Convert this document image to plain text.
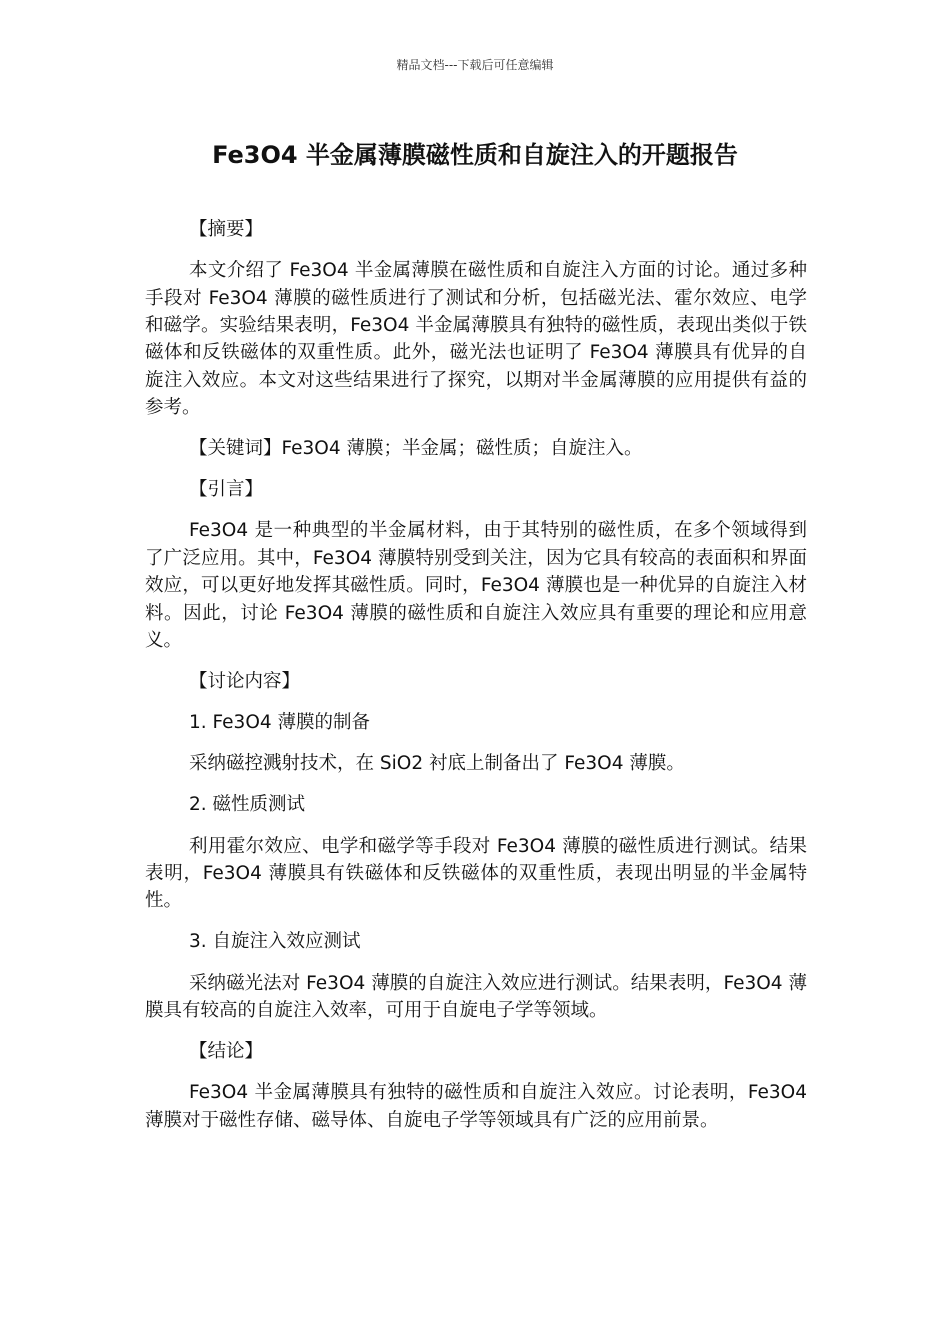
精品文档---下载后可任意编辑
Fe3O4 半金属薄膜磁性质和自旋注入的开题报告

【摘要】

本文介绍了 Fe3O4 半金属薄膜在磁性质和自旋注入方面的讨论。通过多种手段对 Fe3O4 薄膜的磁性质进行了测试和分析，包括磁光法、霍尔效应、电学和磁学。实验结果表明，Fe3O4 半金属薄膜具有独特的磁性质，表现出类似于铁磁体和反铁磁体的双重性质。此外，磁光法也证明了 Fe3O4 薄膜具有优异的自旋注入效应。本文对这些结果进行了探究，以期对半金属薄膜的应用提供有益的参考。

【关键词】Fe3O4 薄膜；半金属；磁性质；自旋注入。

【引言】

Fe3O4 是一种典型的半金属材料，由于其特别的磁性质，在多个领域得到了广泛应用。其中，Fe3O4 薄膜特别受到关注，因为它具有较高的表面积和界面效应，可以更好地发挥其磁性质。同时，Fe3O4 薄膜也是一种优异的自旋注入材料。因此，讨论 Fe3O4 薄膜的磁性质和自旋注入效应具有重要的理论和应用意义。

【讨论内容】

1. Fe3O4 薄膜的制备

采纳磁控溅射技术，在 SiO2 衬底上制备出了 Fe3O4 薄膜。

2. 磁性质测试

利用霍尔效应、电学和磁学等手段对 Fe3O4 薄膜的磁性质进行测试。结果表明，Fe3O4 薄膜具有铁磁体和反铁磁体的双重性质，表现出明显的半金属特性。

3. 自旋注入效应测试

采纳磁光法对 Fe3O4 薄膜的自旋注入效应进行测试。结果表明，Fe3O4 薄膜具有较高的自旋注入效率，可用于自旋电子学等领域。

【结论】

Fe3O4 半金属薄膜具有独特的磁性质和自旋注入效应。讨论表明，Fe3O4 薄膜对于磁性存储、磁导体、自旋电子学等领域具有广泛的应用前景。
